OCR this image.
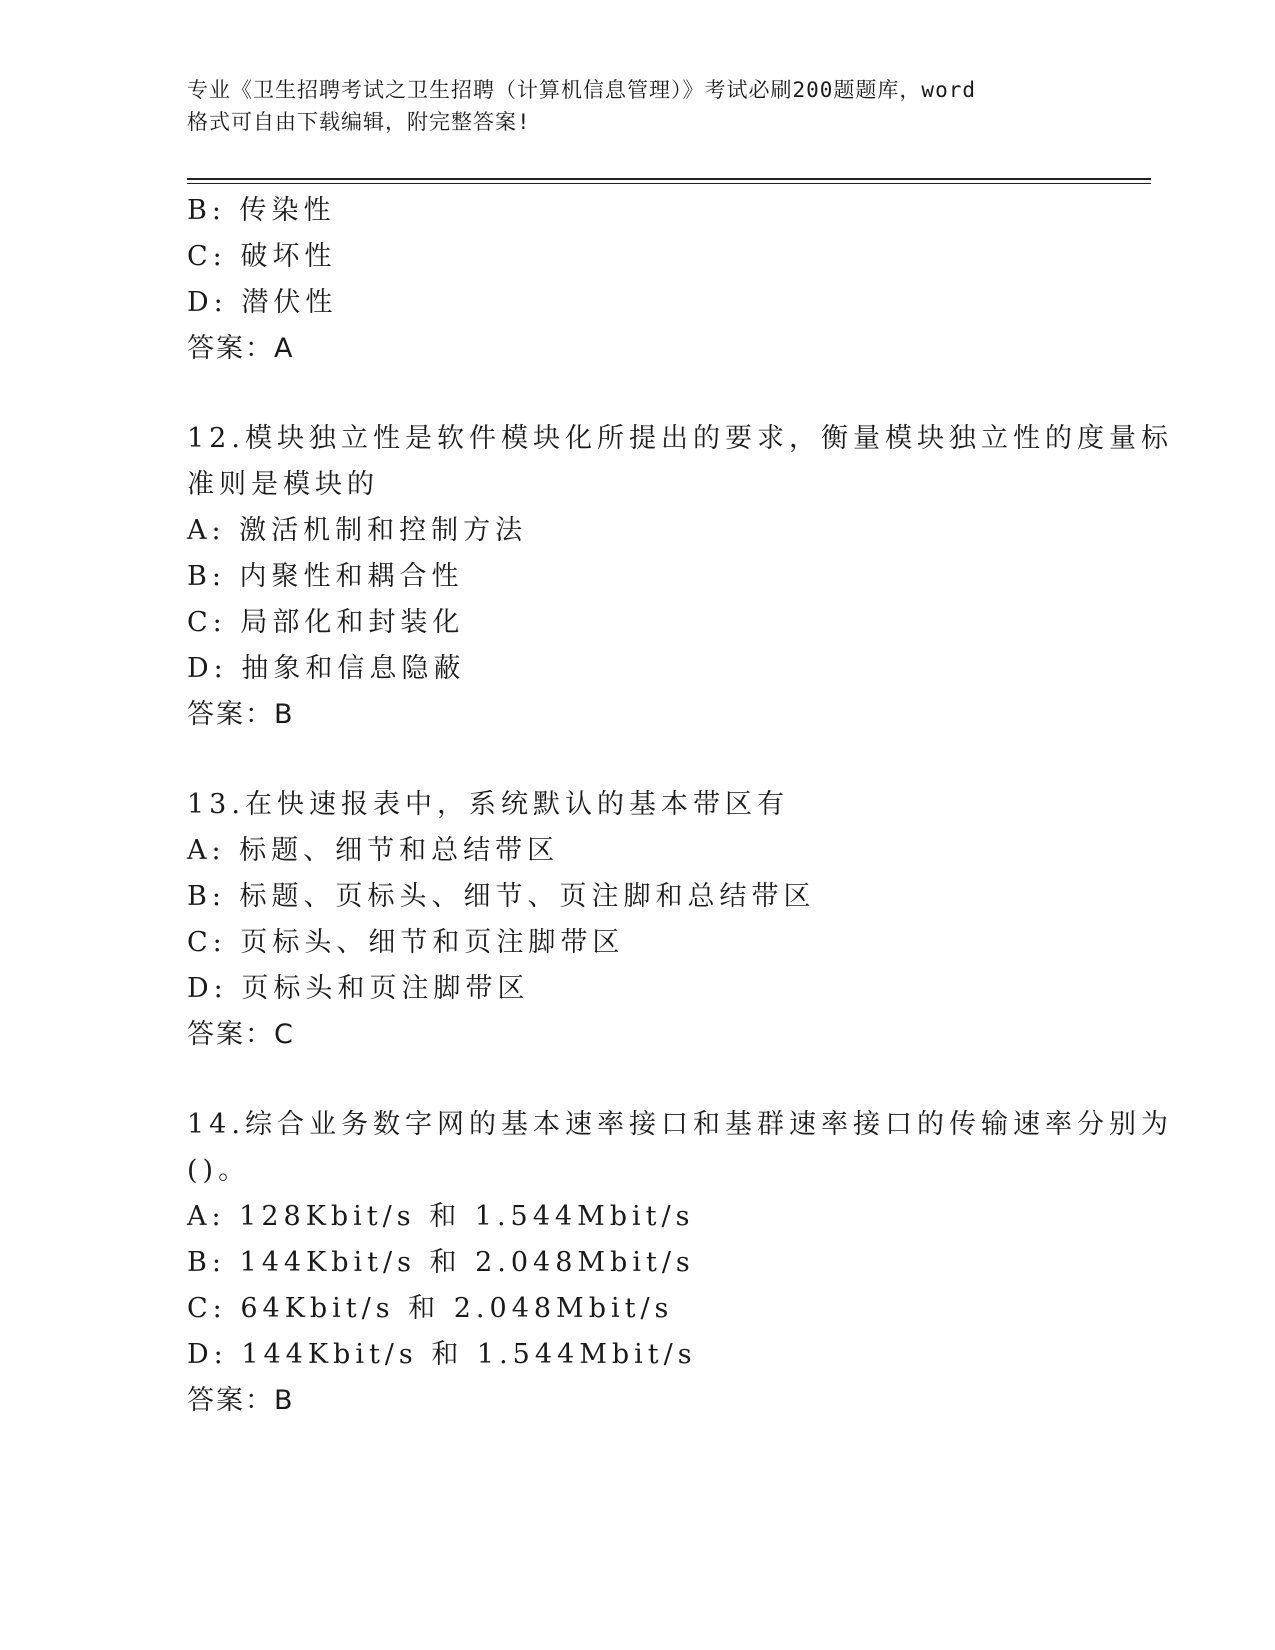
专业《卫生招聘考试之卫生招聘（计算机信息管理）》考试必刷200题题库，word
格式可自由下载编辑，附完整答案!
B: 传染性
C: 破坏性
D: 潜伏性
答案：A
12.模块独立性是软件模块化所提出的要求，衡量模块独立性的度量标
准则是模块的
A: 激活机制和控制方法
B: 内聚性和耦合性
C: 局部化和封装化
D: 抽象和信息隐蔽
答案：B
13.在快速报表中，系统默认的基本带区有
A: 标题、细节和总结带区
B: 标题、页标头、细节、页注脚和总结带区
C: 页标头、细节和页注脚带区
D: 页标头和页注脚带区
答案：C
14.综合业务数字网的基本速率接口和基群速率接口的传输速率分别为
()。
A: 128Kbit/s 和 1.544Mbit/s
B: 144Kbit/s 和 2.048Mbit/s
C: 64Kbit/s 和 2.048Mbit/s
D: 144Kbit/s 和 1.544Mbit/s
答案：B
